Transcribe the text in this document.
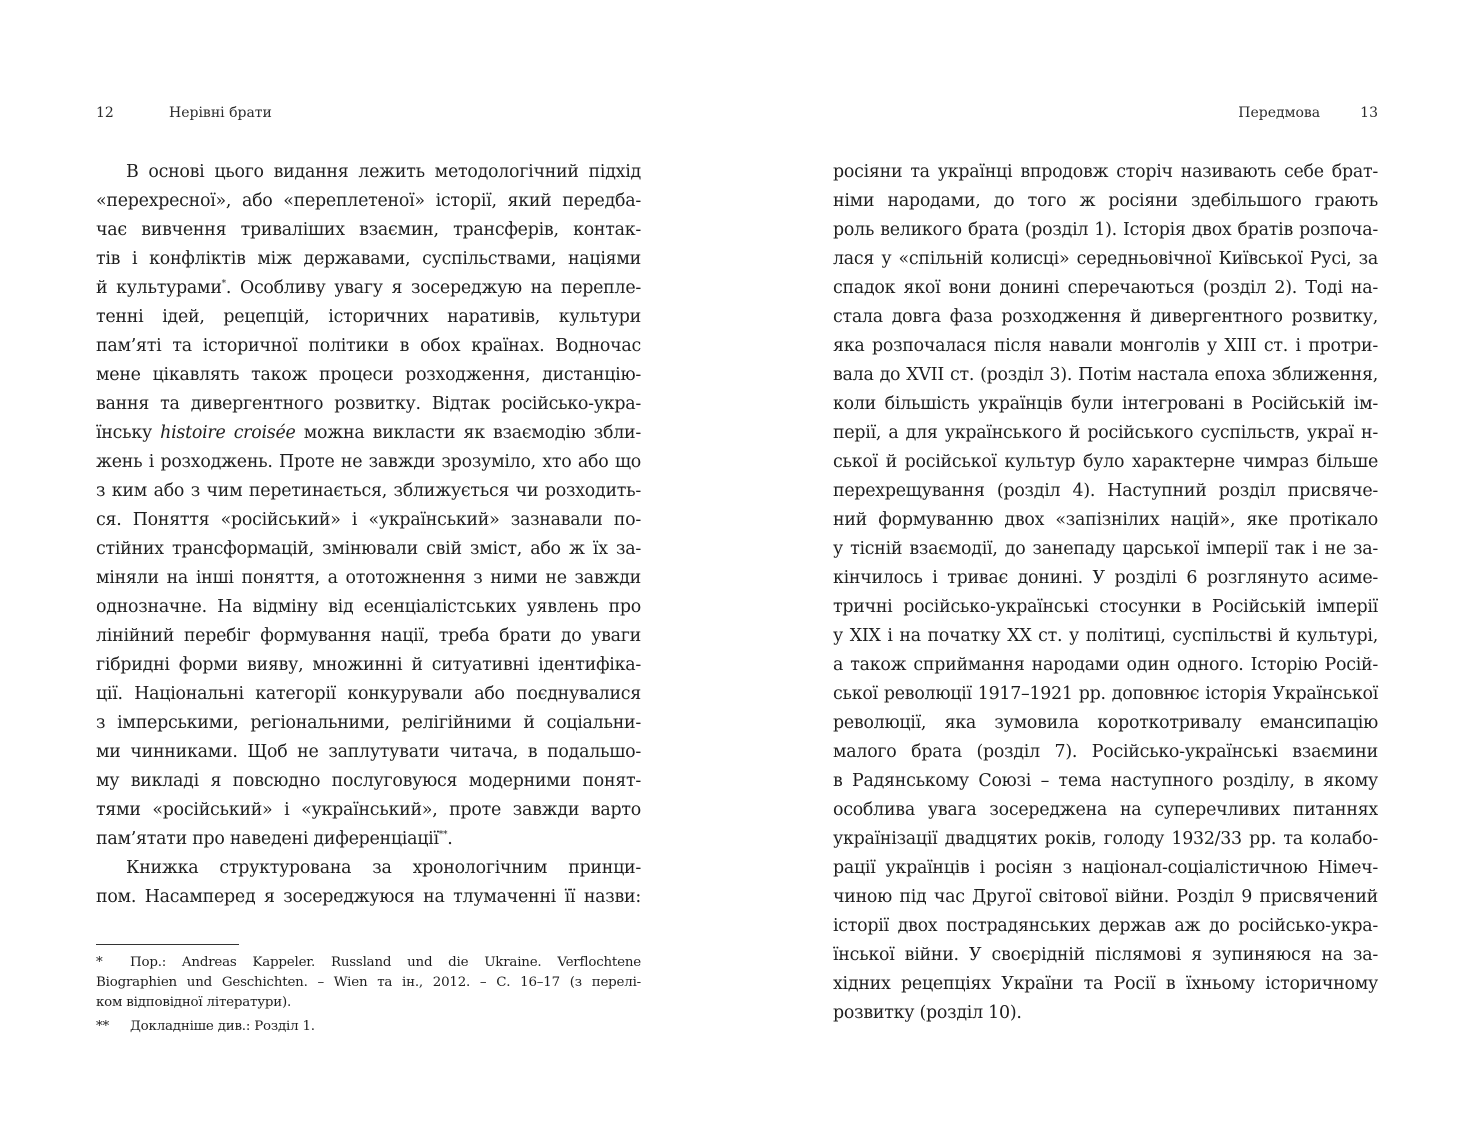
12	Нерівні брати
В основі цього видання лежить методологічний підхід
«перехресної», або «переплетеної» історії, який передба-
чає вивчення триваліших взаємин, трансферів, контак-
тів і конфліктів між державами, суспільствами, націями
й культурами*. Особливу увагу я зосереджую на перепле-
тенні ідей, рецепцій, історичних наративів, культури
пам’яті та історичної політики в обох країнах. Водночас
мене цікавлять також процеси розходження, дистанцію-
вання та дивергентного розвитку. Відтак російсько-укра-
їнську histoire croisée можна викласти як взаємодію збли-
жень і розходжень. Проте не завжди зрозуміло, хто або що
з ким або з чим перетинається, зближується чи розходить-
ся. Поняття «російський» і «український» зазнавали по-
стійних трансформацій, змінювали свій зміст, або ж їх за-
міняли на інші поняття, а ототожнення з ними не завжди
однозначне. На відміну від есенціалістських уявлень про
лінійний перебіг формування нації, треба брати до уваги
гібридні форми вияву, множинні й ситуативні ідентифіка-
ції. Національні категорії конкурували або поєднувалися
з імперськими, регіональними, релігійними й соціальни-
ми чинниками. Щоб не заплутувати читача, в подальшо-
му викладі я повсюдно послуговуюся модерними понят-
тями «російський» і «український», проте завжди варто
пам’ятати про наведені диференціації**.
Книжка структурована за хронологічним принци-
пом. Насамперед я зосереджуюся на тлумаченні її назви:
* Пор.: Andreas Kappeler. Russland und die Ukraine. Verflochtene
Biographien und Geschichten. – Wien та ін., 2012. – С. 16–17 (з перелі-
ком відповідної літератури).
** Докладніше див.: Розділ 1.
Передмова	13
росіяни та українці впродовж сторіч називають себе брат-
німи народами, до того ж росіяни здебільшого грають
роль великого брата (розділ 1). Історія двох братів розпоча-
лася у «спільній колисці» середньовічної Київської Русі, за
спадок якої вони донині сперечаються (розділ 2). Тоді на-
стала довга фаза розходження й дивергентного розвитку,
яка розпочалася після навали монголів у XIII ст. і протри-
вала до XVII ст. (розділ 3). Потім настала епоха зближення,
коли більшість українців були інтегровані в Російській ім-
перії, а для українського й російського суспільств, украї н-
ської й російської культур було характерне чимраз більше
перехрещування (розділ 4). Наступний розділ присвяче-
ний формуванню двох «запізнілих націй», яке протікало
у тісній взаємодії, до занепаду царської імперії так і не за-
кінчилось і триває донині. У розділі 6 розглянуто асиме-
тричні російсько-українські стосунки в Російській імперії
у XIX і на початку XX ст. у політиці, суспільстві й культурі,
а також сприймання народами один одного. Історію Росій-
ської революції 1917–1921 рр. доповнює історія Української
революції, яка зумовила короткотривалу емансипацію
малого брата (розділ 7). Російсько-українські взаємини
в Радянському Союзі – тема наступного розділу, в якому
особлива увага зосереджена на суперечливих питаннях
українізації двадцятих років, голоду 1932/33 рр. та колабо-
рації українців і росіян з націонал-соціалістичною Німеч-
чиною під час Другої світової війни. Розділ 9 присвячений
історії двох пострадянських держав аж до російсько-укра-
їнської війни. У своєрідній післямові я зупиняюся на за-
хідних рецепціях України та Росії в їхньому історичному
розвитку (розділ 10).
